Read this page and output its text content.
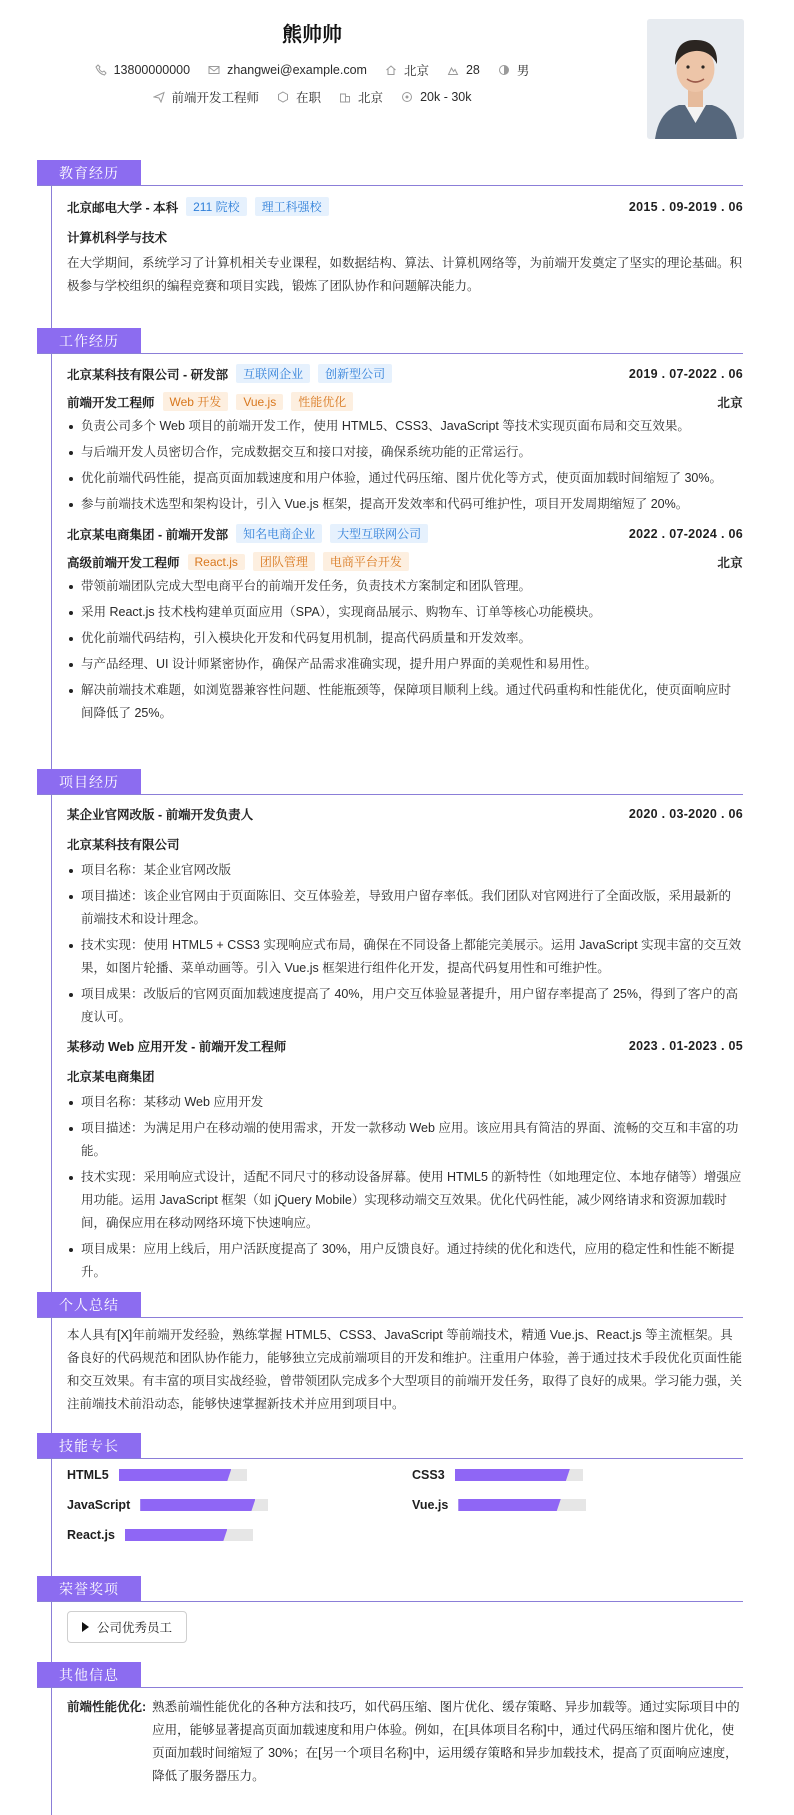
熊帅帅
13800000000	zhangwei@example.com	北京	28	男
前端开发工程师	在职	北京	20k - 30k
教育经历
北京邮电大学 - 本科	211 院校	理工科强校	2015 . 09-2019 . 06
计算机科学与技术
在大学期间，系统学习了计算机相关专业课程，如数据结构、算法、计算机网络等，为前端开发奠定了坚实的理论基础。积极参与学校组织的编程竞赛和项目实践，锻炼了团队协作和问题解决能力。
工作经历
北京某科技有限公司 - 研发部	互联网企业	创新型公司	2019 . 07-2022 . 06
前端开发工程师	Web 开发	Vue.js	性能优化	北京
负责公司多个 Web 项目的前端开发工作，使用 HTML5、CSS3、JavaScript 等技术实现页面布局和交互效果。
与后端开发人员密切合作，完成数据交互和接口对接，确保系统功能的正常运行。
优化前端代码性能，提高页面加载速度和用户体验，通过代码压缩、图片优化等方式，使页面加载时间缩短了 30%。
参与前端技术选型和架构设计，引入 Vue.js 框架，提高开发效率和代码可维护性，项目开发周期缩短了 20%。
北京某电商集团 - 前端开发部	知名电商企业	大型互联网公司	2022 . 07-2024 . 06
高级前端开发工程师	React.js	团队管理	电商平台开发	北京
带领前端团队完成大型电商平台的前端开发任务，负责技术方案制定和团队管理。
采用 React.js 技术栈构建单页面应用（SPA），实现商品展示、购物车、订单等核心功能模块。
优化前端代码结构，引入模块化开发和代码复用机制，提高代码质量和开发效率。
与产品经理、UI 设计师紧密协作，确保产品需求准确实现，提升用户界面的美观性和易用性。
解决前端技术难题，如浏览器兼容性问题、性能瓶颈等，保障项目顺利上线。通过代码重构和性能优化，使页面响应时间降低了 25%。
项目经历
某企业官网改版 - 前端开发负责人	2020 . 03-2020 . 06
北京某科技有限公司
项目名称：某企业官网改版
项目描述：该企业官网由于页面陈旧、交互体验差，导致用户留存率低。我们团队对官网进行了全面改版，采用最新的前端技术和设计理念。
技术实现：使用 HTML5 + CSS3 实现响应式布局，确保在不同设备上都能完美展示。运用 JavaScript 实现丰富的交互效果，如图片轮播、菜单动画等。引入 Vue.js 框架进行组件化开发，提高代码复用性和可维护性。
项目成果：改版后的官网页面加载速度提高了 40%，用户交互体验显著提升，用户留存率提高了 25%，得到了客户的高度认可。
某移动 Web 应用开发 - 前端开发工程师	2023 . 01-2023 . 05
北京某电商集团
项目名称：某移动 Web 应用开发
项目描述：为满足用户在移动端的使用需求，开发一款移动 Web 应用。该应用具有简洁的界面、流畅的交互和丰富的功能。
技术实现：采用响应式设计，适配不同尺寸的移动设备屏幕。使用 HTML5 的新特性（如地理定位、本地存储等）增强应用功能。运用 JavaScript 框架（如 jQuery Mobile）实现移动端交互效果。优化代码性能，减少网络请求和资源加载时间，确保应用在移动网络环境下快速响应。
项目成果：应用上线后，用户活跃度提高了 30%，用户反馈良好。通过持续的优化和迭代，应用的稳定性和性能不断提升。
个人总结
本人具有[X]年前端开发经验，熟练掌握 HTML5、CSS3、JavaScript 等前端技术，精通 Vue.js、React.js 等主流框架。具备良好的代码规范和团队协作能力，能够独立完成前端项目的开发和维护。注重用户体验，善于通过技术手段优化页面性能和交互效果。有丰富的项目实战经验，曾带领团队完成多个大型项目的前端开发任务，取得了良好的成果。学习能力强，关注前端技术前沿动态，能够快速掌握新技术并应用到项目中。
技能专长
HTML5	CSS3
JavaScript	Vue.js
React.js
荣誉奖项
公司优秀员工
其他信息
前端性能优化: 熟悉前端性能优化的各种方法和技巧，如代码压缩、图片优化、缓存策略、异步加载等。通过实际项目中的应用，能够显著提高页面加载速度和用户体验。例如，在[具体项目名称]中，通过代码压缩和图片优化，使页面加载时间缩短了 30%；在[另一个项目名称]中，运用缓存策略和异步加载技术，提高了页面响应速度，降低了服务器压力。
